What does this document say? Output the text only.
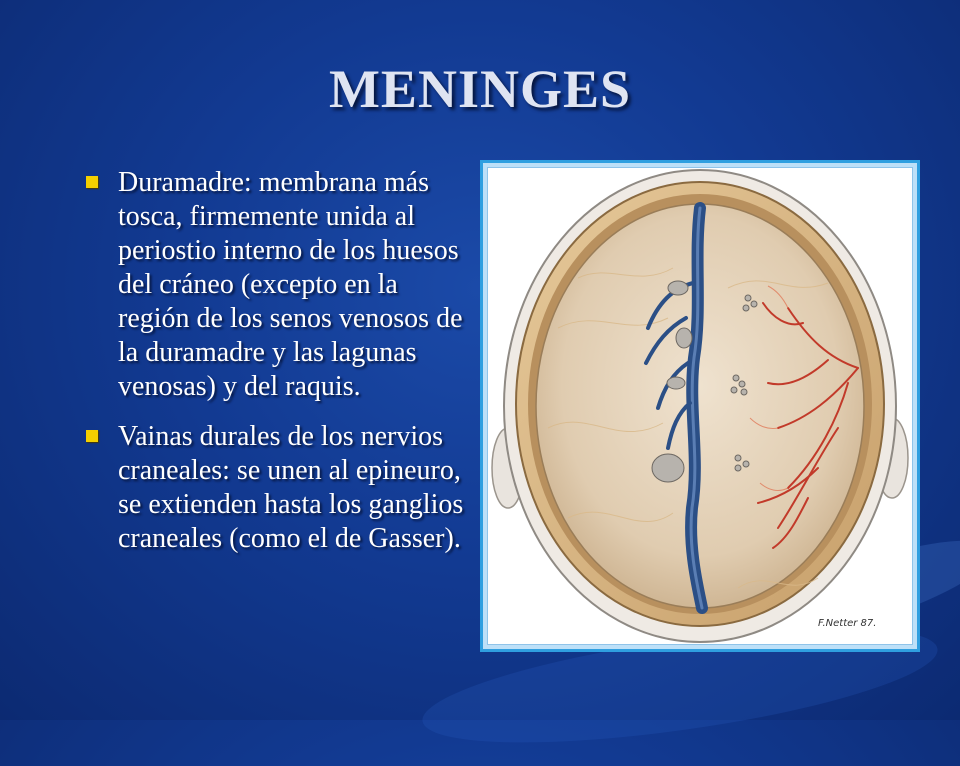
MENINGES
Duramadre: membrana más tosca, firmemente unida al periostio interno de los huesos del cráneo (excepto en la región de los senos venosos de la duramadre y las lagunas venosas) y del raquis.
Vainas durales de los nervios craneales: se unen al epineuro, se extienden hasta los ganglios craneales (como el de Gasser).
F.Netter 87.
